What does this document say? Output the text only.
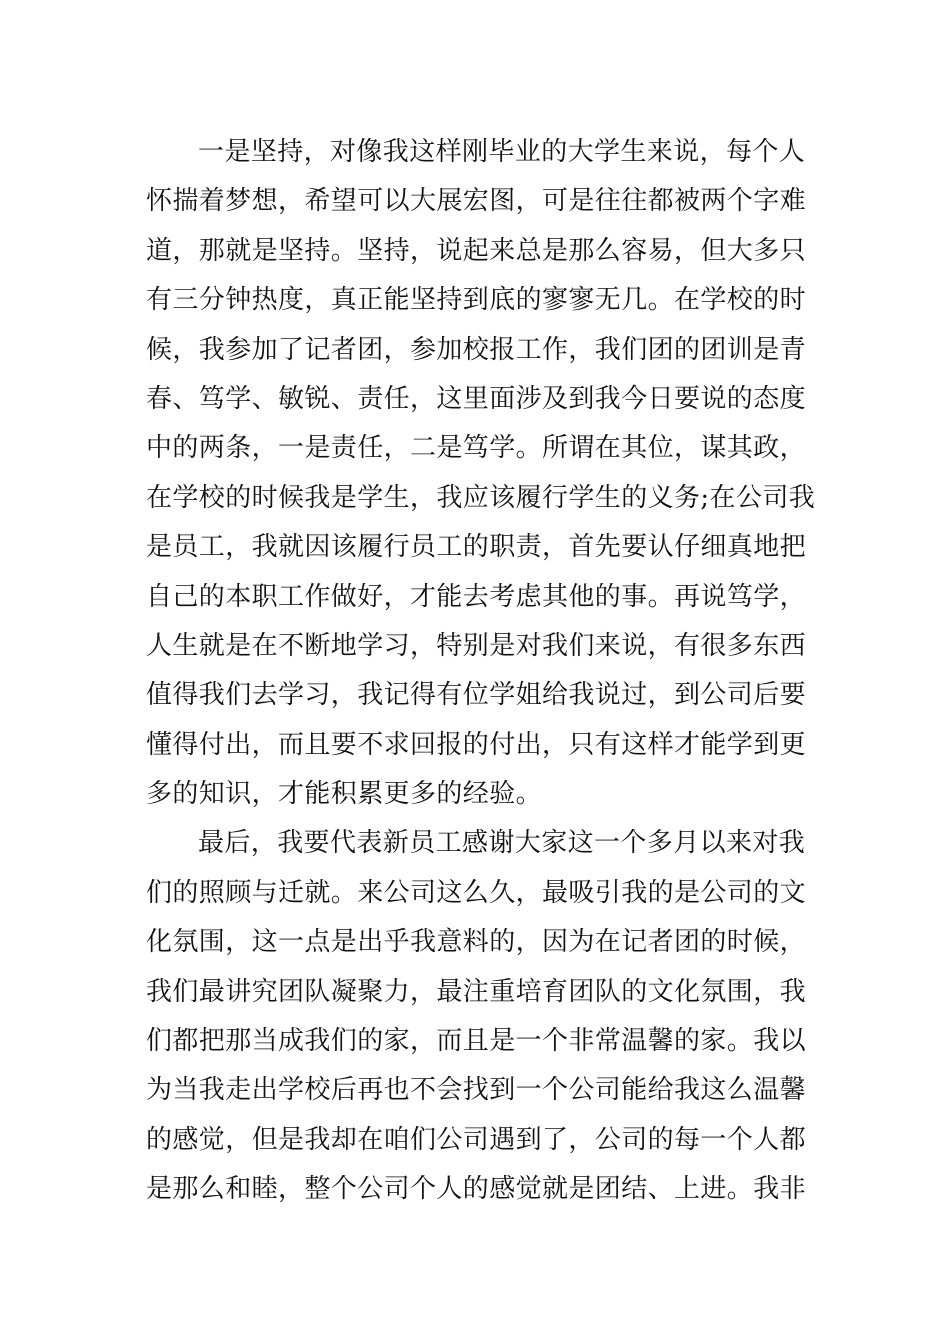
一是坚持，对像我这样刚毕业的大学生来说，每个人
怀揣着梦想，希望可以大展宏图，可是往往都被两个字难
道，那就是坚持。坚持，说起来总是那么容易，但大多只
有三分钟热度，真正能坚持到底的寥寥无几。在学校的时
候，我参加了记者团，参加校报工作，我们团的团训是青
春、笃学、敏锐、责任，这里面涉及到我今日要说的态度
中的两条，一是责任，二是笃学。所谓在其位，谋其政，
在学校的时候我是学生，我应该履行学生的义务;在公司我
是员工，我就因该履行员工的职责，首先要认仔细真地把
自己的本职工作做好，才能去考虑其他的事。再说笃学，
人生就是在不断地学习，特别是对我们来说，有很多东西
值得我们去学习，我记得有位学姐给我说过，到公司后要
懂得付出，而且要不求回报的付出，只有这样才能学到更
多的知识，才能积累更多的经验。
最后，我要代表新员工感谢大家这一个多月以来对我
们的照顾与迁就。来公司这么久，最吸引我的是公司的文
化氛围，这一点是出乎我意料的，因为在记者团的时候，
我们最讲究团队凝聚力，最注重培育团队的文化氛围，我
们都把那当成我们的家，而且是一个非常温馨的家。我以
为当我走出学校后再也不会找到一个公司能给我这么温馨
的感觉，但是我却在咱们公司遇到了，公司的每一个人都
是那么和睦，整个公司个人的感觉就是团结、上进。我非
